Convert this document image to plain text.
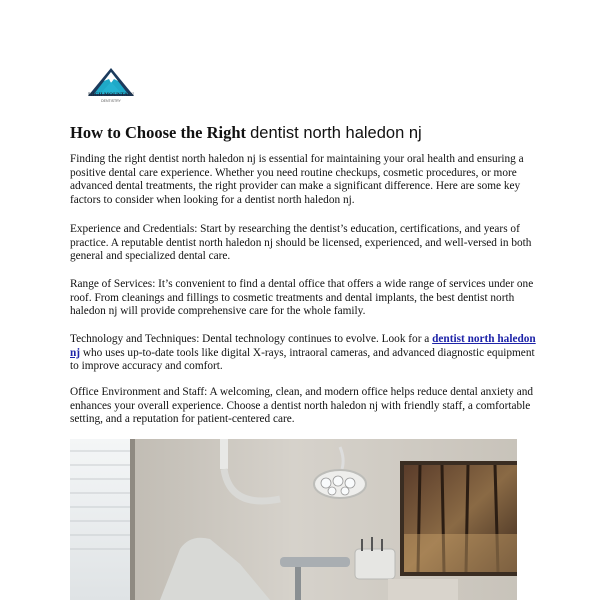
HIGH MOUNTAIN
DENTISTRY
How to Choose the Right dentist north haledon nj

Finding the right dentist north haledon nj is essential for maintaining your oral health and ensuring a positive dental care experience. Whether you need routine checkups, cosmetic procedures, or more advanced dental treatments, the right provider can make a significant difference. Here are some key factors to consider when looking for a dentist north haledon nj.

Experience and Credentials: Start by researching the dentist’s education, certifications, and years of practice. A reputable dentist north haledon nj should be licensed, experienced, and well-versed in both general and specialized dental care.

Range of Services: It’s convenient to find a dental office that offers a wide range of services under one roof. From cleanings and fillings to cosmetic treatments and dental implants, the best dentist north haledon nj will provide comprehensive care for the whole family.

Technology and Techniques: Dental technology continues to evolve. Look for a dentist north haledon nj who uses up-to-date tools like digital X-rays, intraoral cameras, and advanced diagnostic equipment to improve accuracy and comfort.

Office Environment and Staff: A welcoming, clean, and modern office helps reduce dental anxiety and enhances your overall experience. Choose a dentist north haledon nj with friendly staff, a comfortable setting, and a reputation for patient-centered care.
